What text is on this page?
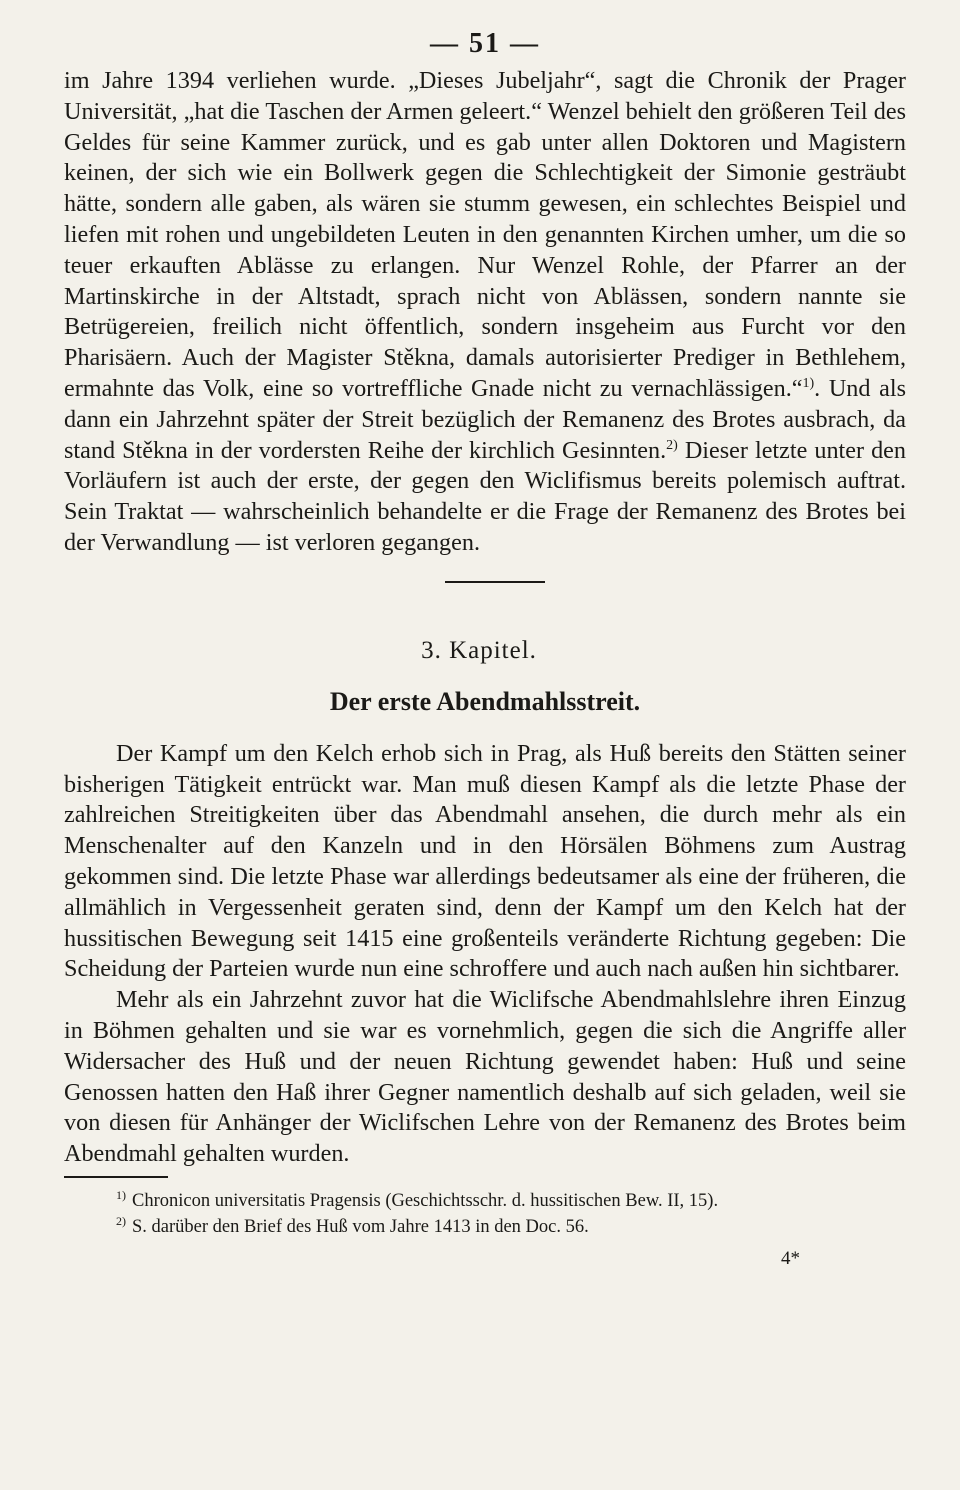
— 51 —

im Jahre 1394 verliehen wurde. „Dieses Jubeljahr“, sagt die Chronik der Prager Universität, „hat die Taschen der Armen geleert.“ Wenzel behielt den größeren Teil des Geldes für seine Kammer zurück, und es gab unter allen Doktoren und Magistern keinen, der sich wie ein Bollwerk gegen die Schlechtigkeit der Simonie gesträubt hätte, sondern alle gaben, als wären sie stumm gewesen, ein schlechtes Beispiel und liefen mit rohen und ungebildeten Leuten in den genannten Kirchen umher, um die so teuer erkauften Ablässe zu erlangen. Nur Wenzel Rohle, der Pfarrer an der Martinskirche in der Altstadt, sprach nicht von Ablässen, sondern nannte sie Betrügereien, freilich nicht öffentlich, sondern insgeheim aus Furcht vor den Pharisäern. Auch der Magister Stěkna, damals autorisierter Prediger in Bethlehem, ermahnte das Volk, eine so vortreffliche Gnade nicht zu vernachlässigen.“$^{1)}$. Und als dann ein Jahrzehnt später der Streit bezüglich der Remanenz des Brotes ausbrach, da stand Stěkna in der vordersten Reihe der kirchlich Gesinnten.$^{2)}$ Dieser letzte unter den Vorläufern ist auch der erste, der gegen den Wiclifismus bereits polemisch auftrat. Sein Traktat — wahrscheinlich behandelte er die Frage der Remanenz des Brotes bei der Verwandlung — ist verloren gegangen.

3. Kapitel.
Der erste Abendmahlsstreit.

Der Kampf um den Kelch erhob sich in Prag, als Huß bereits den Stätten seiner bisherigen Tätigkeit entrückt war. Man muß diesen Kampf als die letzte Phase der zahlreichen Streitigkeiten über das Abendmahl ansehen, die durch mehr als ein Menschenalter auf den Kanzeln und in den Hörsälen Böhmens zum Austrag gekommen sind. Die letzte Phase war allerdings bedeutsamer als eine der früheren, die allmählich in Vergessenheit geraten sind, denn der Kampf um den Kelch hat der hussitischen Bewegung seit 1415 eine großenteils veränderte Richtung gegeben: Die Scheidung der Parteien wurde nun eine schroffere und auch nach außen hin sichtbarer.

Mehr als ein Jahrzehnt zuvor hat die Wiclifsche Abendmahlslehre ihren Einzug in Böhmen gehalten und sie war es vornehmlich, gegen die sich die Angriffe aller Widersacher des Huß und der neuen Richtung gewendet haben: Huß und seine Genossen hatten den Haß ihrer Gegner namentlich deshalb auf sich geladen, weil sie von diesen für Anhänger der Wiclifschen Lehre von der Remanenz des Brotes beim Abendmahl gehalten wurden.

$^{1)}$ Chronicon universitatis Pragensis (Geschichtsschr. d. hussitischen Bew. II, 15).

$^{2)}$ S. darüber den Brief des Huß vom Jahre 1413 in den Doc. 56.

4*
